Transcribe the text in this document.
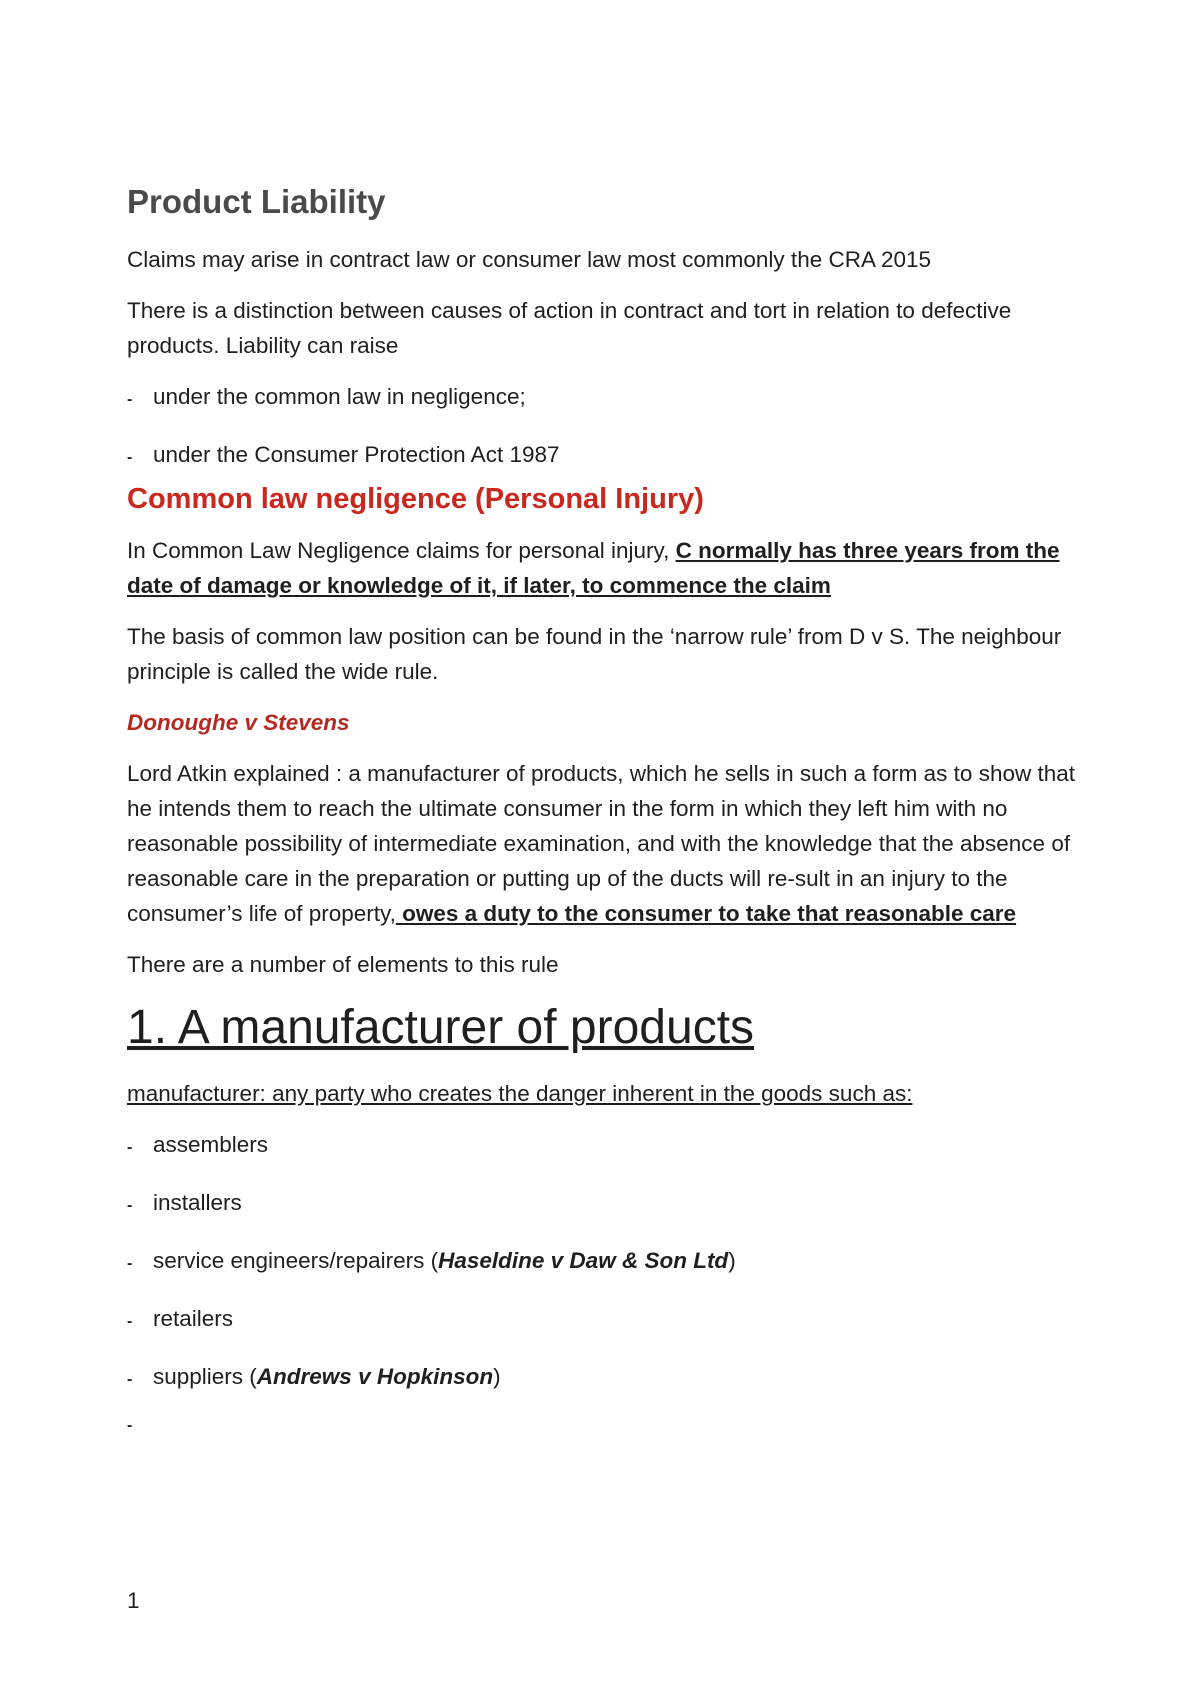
Product Liability

Claims may arise in contract law or consumer law most commonly the CRA 2015

There is a distinction between causes of action in contract and tort in relation to defective products. Liability can raise

- under the common law in negligence;

- under the Consumer Protection Act 1987

Common law negligence (Personal Injury)

In Common Law Negligence claims for personal injury, C normally has three years from the date of damage or knowledge of it, if later, to commence the claim

The basis of common law position can be found in the ‘narrow rule’ from D v S. The neighbour principle is called the wide rule.

Donoughe v Stevens

Lord Atkin explained : a manufacturer of products, which he sells in such a form as to show that he intends them to reach the ultimate consumer in the form in which they left him with no reasonable possibility of intermediate examination, and with the knowledge that the absence of reasonable care in the preparation or putting up of the ducts will re-sult in an injury to the consumer’s life of property, owes a duty to the consumer to take that reasonable care

There are a number of elements to this rule

1. A manufacturer of products

manufacturer: any party who creates the danger inherent in the goods such as:

- assemblers

- installers

- service engineers/repairers (Haseldine v Daw & Son Ltd)

- retailers

- suppliers (Andrews v Hopkinson)

-

1
